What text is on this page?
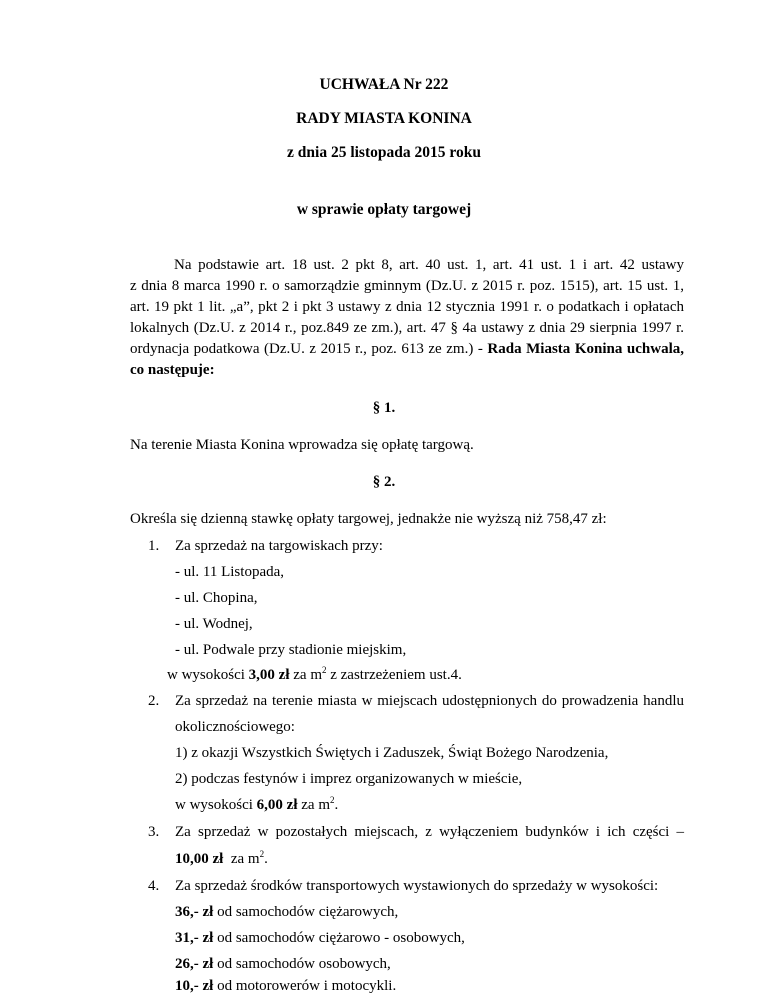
UCHWAŁA Nr 222
RADY MIASTA KONINA
z dnia 25 listopada 2015 roku
w sprawie opłaty targowej
Na podstawie art. 18 ust. 2 pkt 8, art. 40 ust. 1, art. 41 ust. 1 i art. 42 ustawy
z dnia 8 marca 1990 r. o samorządzie gminnym (Dz.U. z 2015 r. poz. 1515), art. 15 ust. 1,
art. 19 pkt 1 lit. „a”, pkt 2 i pkt 3 ustawy z dnia 12 stycznia 1991 r. o podatkach i opłatach
lokalnych (Dz.U. z 2014 r., poz.849 ze zm.), art. 47 § 4a ustawy z dnia 29 sierpnia 1997 r.
ordynacja podatkowa (Dz.U. z 2015 r., poz. 613 ze zm.) - Rada Miasta Konina uchwala,
co następuje:
§ 1.
Na terenie Miasta Konina wprowadza się opłatę targową.
§ 2.
Określa się dzienną stawkę opłaty targowej, jednakże nie wyższą niż 758,47 zł:
1. Za sprzedaż na targowiskach przy:
- ul. 11 Listopada,
- ul. Chopina,
- ul. Wodnej,
- ul. Podwale przy stadionie miejskim,
w wysokości 3,00 zł za $m^2$ z zastrzeżeniem ust.4.
2. Za sprzedaż na terenie miasta w miejscach udostępnionych do prowadzenia handlu
okolicznościowego:
1) z okazji Wszystkich Świętych i Zaduszek, Świąt Bożego Narodzenia,
2) podczas festynów i imprez organizowanych w mieście,
w wysokości 6,00 zł za $m^2$.
3. Za sprzedaż w pozostałych miejscach, z wyłączeniem budynków i ich części –
10,00 zł  za $m^2$.
4. Za sprzedaż środków transportowych wystawionych do sprzedaży w wysokości:
36,- zł od samochodów ciężarowych,
31,- zł od samochodów ciężarowo - osobowych,
26,- zł od samochodów osobowych,
10,- zł od motorowerów i motocykli.
